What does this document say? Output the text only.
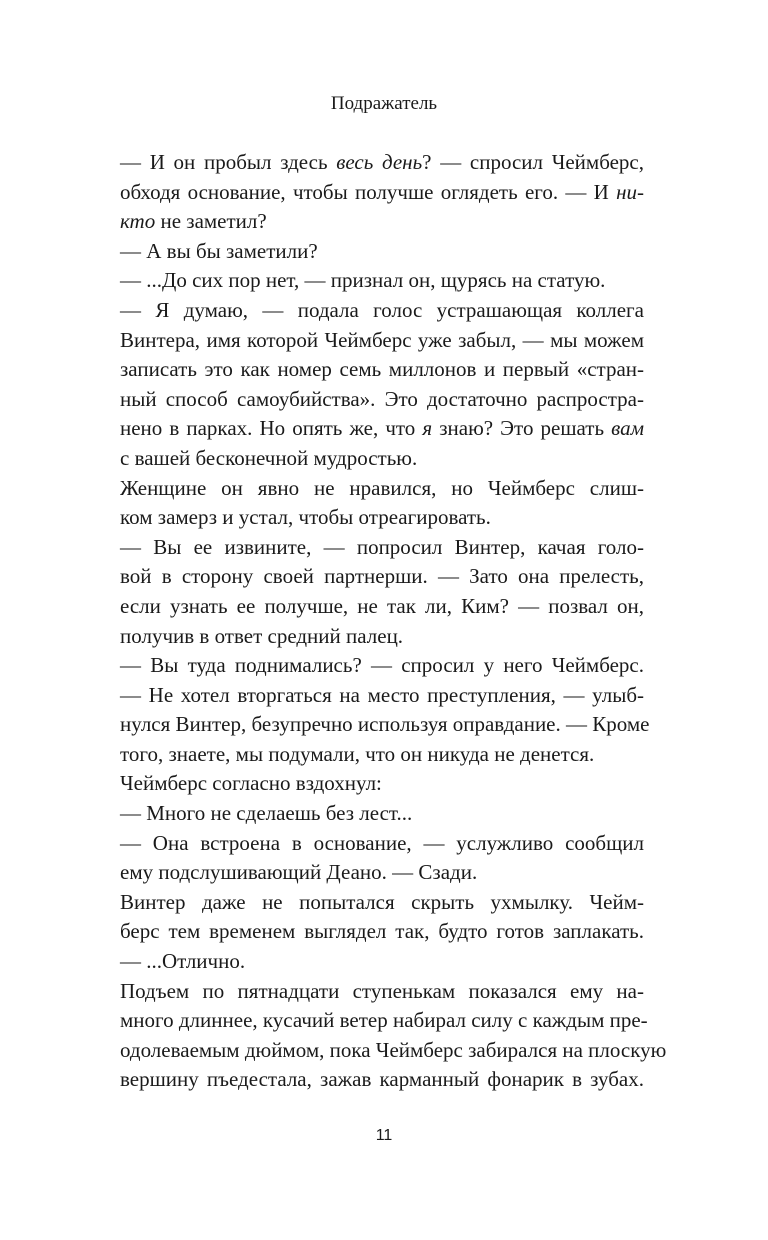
Подражатель
— И он пробыл здесь весь день? — спросил Чеймберс,
обходя основание, чтобы получше оглядеть его. — И ни-
кто не заметил?
— А вы бы заметили?
— ...До сих пор нет, — признал он, щурясь на статую.
— Я думаю, — подала голос устрашающая коллега
Винтера, имя которой Чеймберс уже забыл, — мы можем
записать это как номер семь миллонов и первый «стран-
ный способ самоубийства». Это достаточно распростра-
нено в парках. Но опять же, что я знаю? Это решать вам
с вашей бесконечной мудростью.
Женщине он явно не нравился, но Чеймберс слиш-
ком замерз и устал, чтобы отреагировать.
— Вы ее извините, — попросил Винтер, качая голо-
вой в сторону своей партнерши. — Зато она прелесть,
если узнать ее получше, не так ли, Ким? — позвал он,
получив в ответ средний палец.
— Вы туда поднимались? — спросил у него Чеймберс.
— Не хотел вторгаться на место преступления, — улыб-
нулся Винтер, безупречно используя оправдание. — Кроме
того, знаете, мы подумали, что он никуда не денется.
Чеймберс согласно вздохнул:
— Много не сделаешь без лест...
— Она встроена в основание, — услужливо сообщил
ему подслушивающий Деано. — Сзади.
Винтер даже не попытался скрыть ухмылку. Чейм-
берс тем временем выглядел так, будто готов заплакать.
— ...Отлично.
Подъем по пятнадцати ступенькам показался ему на-
много длиннее, кусачий ветер набирал силу с каждым пре-
одолеваемым дюймом, пока Чеймберс забирался на плоскую
вершину пъедестала, зажав карманный фонарик в зубах.
11
